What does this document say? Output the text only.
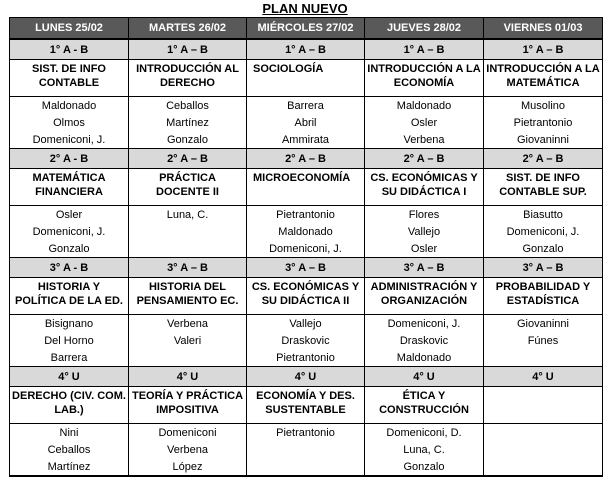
PLAN NUEVO
LUNES 25/02	MARTES 26/02	MIÉRCOLES 27/02	JUEVES 28/02	VIERNES 01/03
1° A - B	1° A – B	1° A – B	1° A – B	1° A – B
SIST. DE INFO CONTABLE	INTRODUCCIÓN AL DERECHO	SOCIOLOGÍA	INTRODUCCIÓN A LA ECONOMÍA	INTRODUCCIÓN A LA MATEMÁTICA
Maldonado	Ceballos	Barrera	Maldonado	Musolino
Olmos	Martínez	Abril	Osler	Pietrantonio
Domeniconi, J.	Gonzalo	Ammirata	Verbena	Giovaninni
2° A - B	2° A – B	2° A – B	2° A – B	2° A – B
MATEMÁTICA FINANCIERA	PRÁCTICA DOCENTE II	MICROECONOMÍA	CS. ECONÓMICAS Y SU DIDÁCTICA I	SIST. DE INFO CONTABLE SUP.
Osler	Luna, C.	Pietrantonio	Flores	Biasutto
Domeniconi, J.		Maldonado	Vallejo	Domeniconi, J.
Gonzalo		Domeniconi, J.	Osler	Gonzalo
3° A - B	3° A – B	3° A – B	3° A – B	3° A – B
HISTORIA Y POLÍTICA DE LA ED.	HISTORIA DEL PENSAMIENTO EC.	CS. ECONÓMICAS Y SU DIDÁCTICA II	ADMINISTRACIÓN Y ORGANIZACIÓN	PROBABILIDAD Y ESTADÍSTICA
Bisignano	Verbena	Vallejo	Domeniconi, J.	Giovaninni
Del Horno	Valeri	Draskovic	Draskovic	Fúnes
Barrera		Pietrantonio	Maldonado	
4° U	4° U	4° U	4° U	4° U
DERECHO (CIV. COM. LAB.)	TEORÍA Y PRÁCTICA IMPOSITIVA	ECONOMÍA Y DES. SUSTENTABLE	ÉTICA Y CONSTRUCCIÓN	
Nini	Domeniconi	Pietrantonio	Domeniconi, D.	
Ceballos	Verbena		Luna, C.	
Martínez	López		Gonzalo	
